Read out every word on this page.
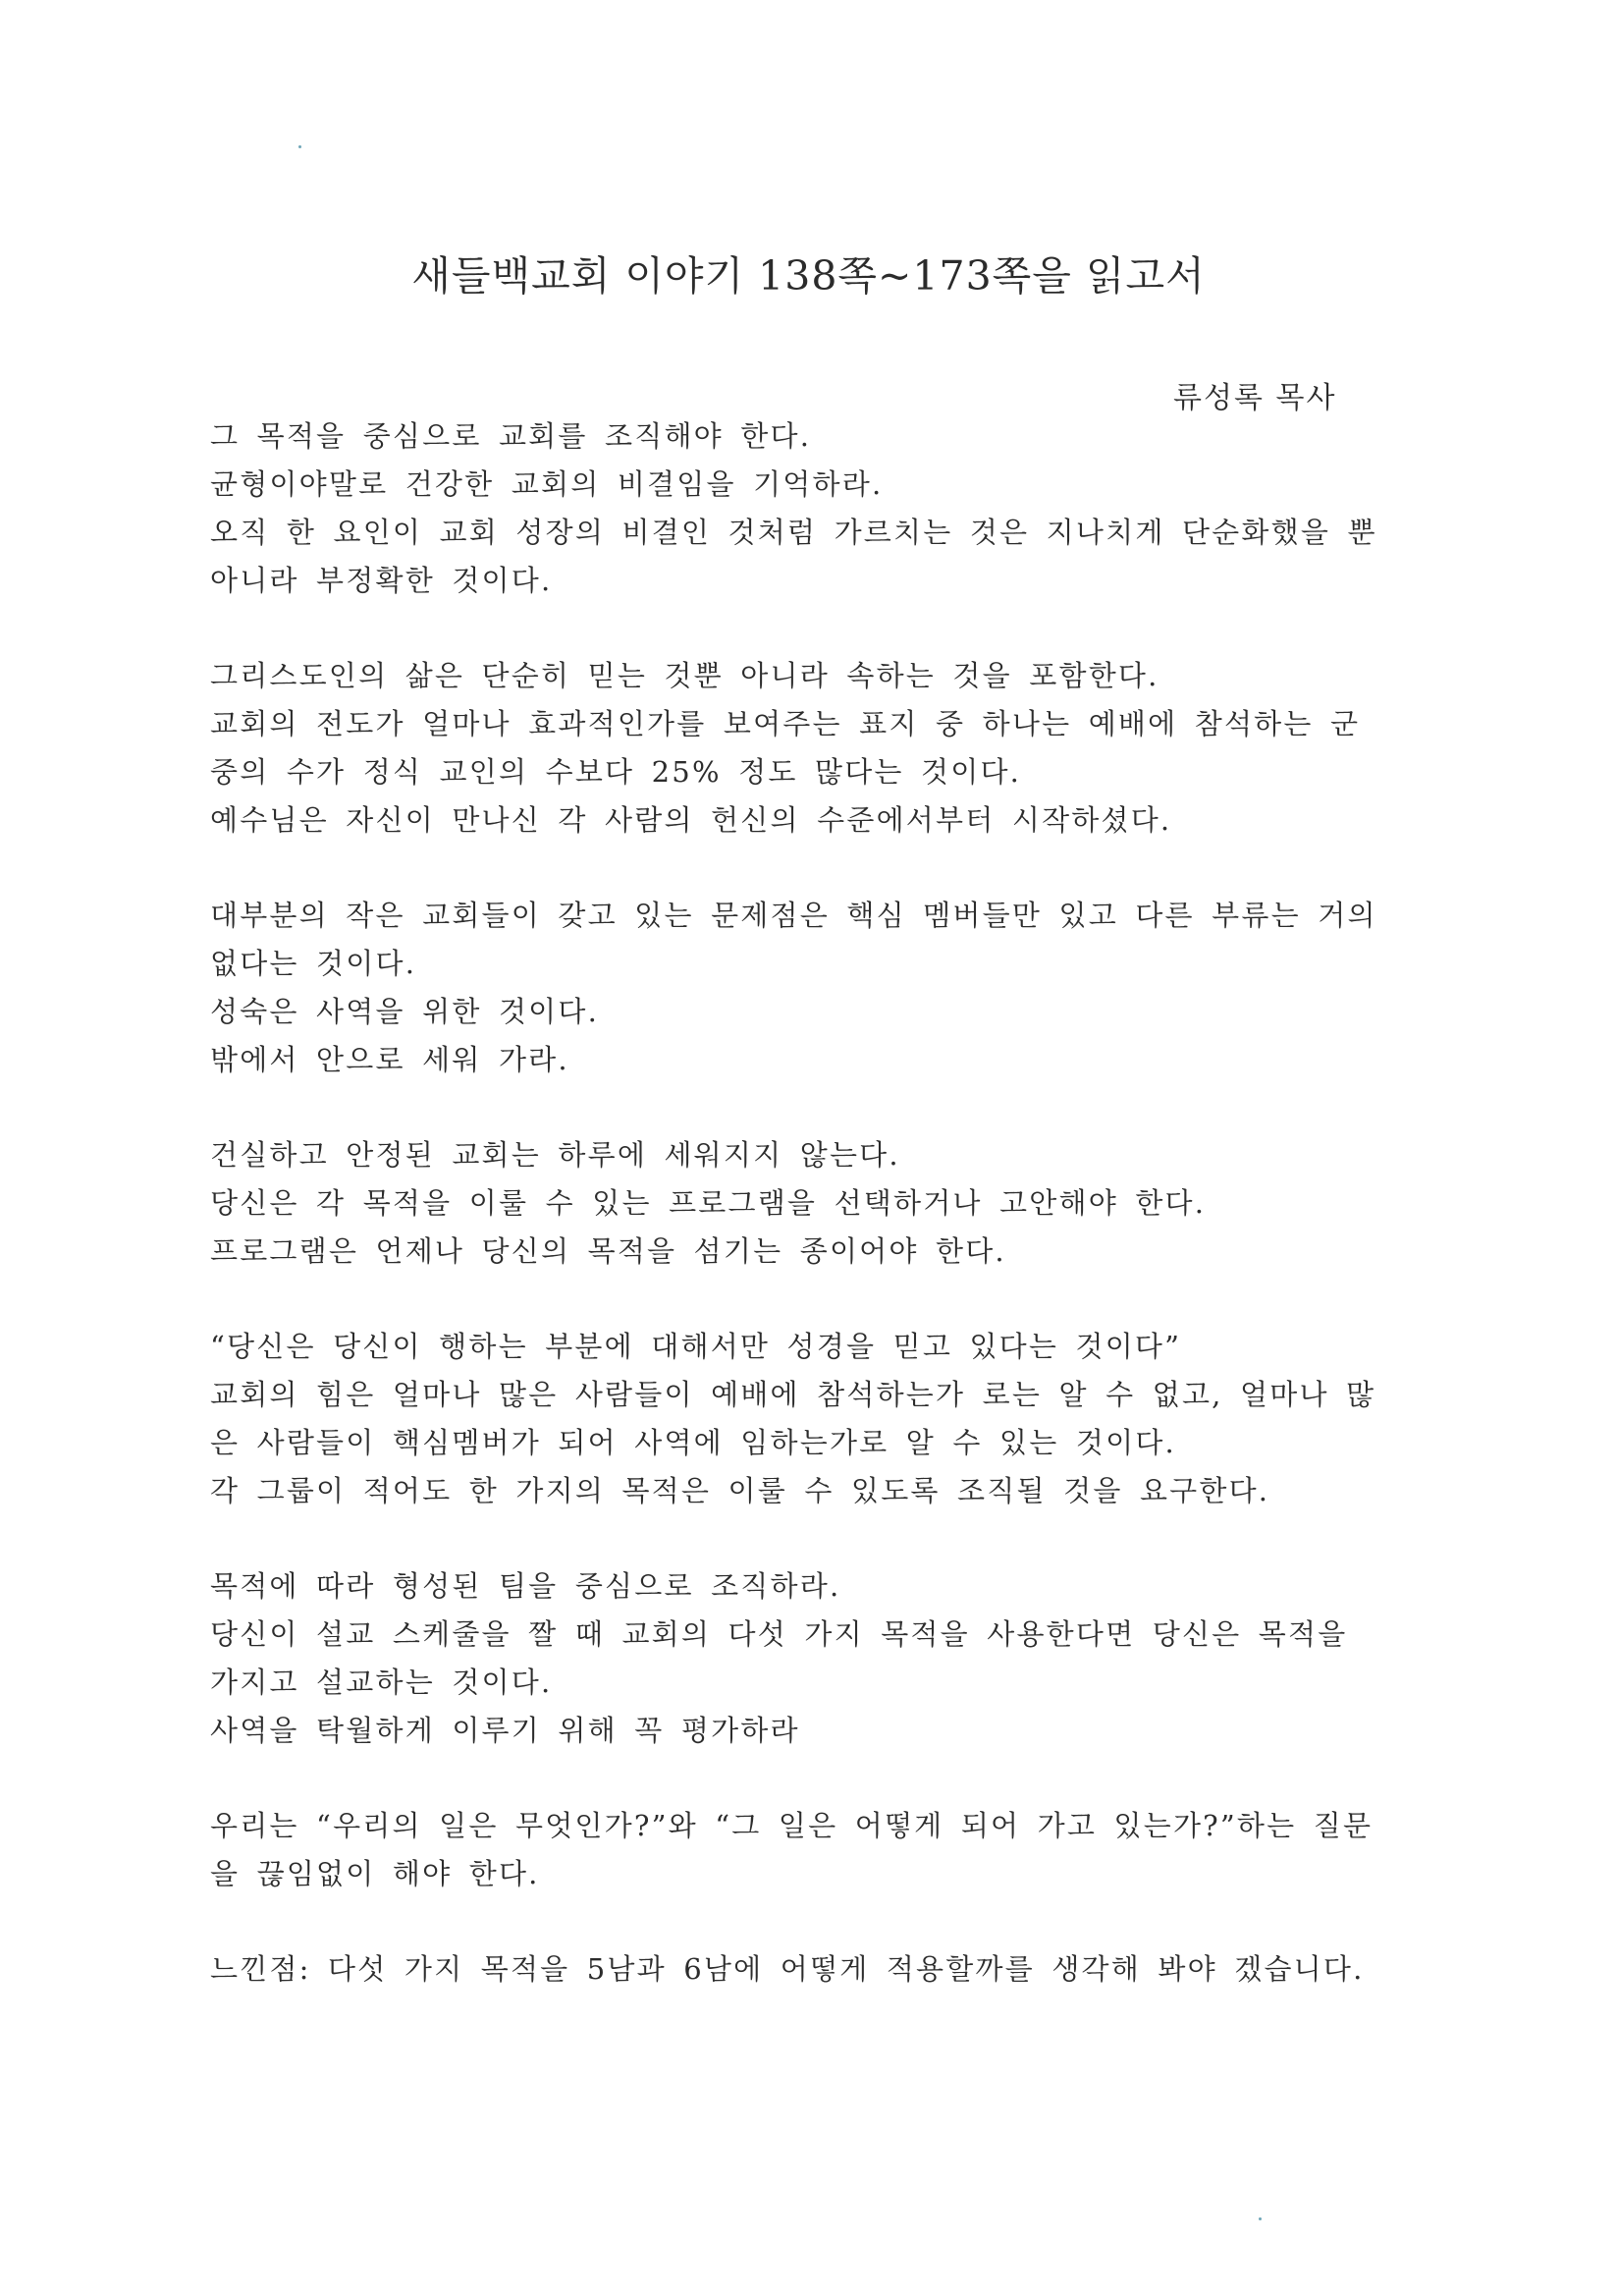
새들백교회 이야기 138쪽~173쪽을 읽고서
류성록 목사
그 목적을 중심으로 교회를 조직해야 한다.
균형이야말로 건강한 교회의 비결임을 기억하라.
오직 한 요인이 교회 성장의 비결인 것처럼 가르치는 것은 지나치게 단순화했을 뿐
아니라 부정확한 것이다.
그리스도인의 삶은 단순히 믿는 것뿐 아니라 속하는 것을 포함한다.
교회의 전도가 얼마나 효과적인가를 보여주는 표지 중 하나는 예배에 참석하는 군
중의 수가 정식 교인의 수보다 25% 정도 많다는 것이다.
예수님은 자신이 만나신 각 사람의 헌신의 수준에서부터 시작하셨다.
대부분의 작은 교회들이 갖고 있는 문제점은 핵심 멤버들만 있고 다른 부류는 거의
없다는 것이다.
성숙은 사역을 위한 것이다.
밖에서 안으로 세워 가라.
건실하고 안정된 교회는 하루에 세워지지 않는다.
당신은 각 목적을 이룰 수 있는 프로그램을 선택하거나 고안해야 한다.
프로그램은 언제나 당신의 목적을 섬기는 종이어야 한다.
“당신은 당신이 행하는 부분에 대해서만 성경을 믿고 있다는 것이다”
교회의 힘은 얼마나 많은 사람들이 예배에 참석하는가 로는 알 수 없고, 얼마나 많
은 사람들이 핵심멤버가 되어 사역에 임하는가로 알 수 있는 것이다.
각 그룹이 적어도 한 가지의 목적은 이룰 수 있도록 조직될 것을 요구한다.
목적에 따라 형성된 팀을 중심으로 조직하라.
당신이 설교 스케줄을 짤 때 교회의 다섯 가지 목적을 사용한다면 당신은 목적을
가지고 설교하는 것이다.
사역을 탁월하게 이루기 위해 꼭 평가하라
우리는 “우리의 일은 무엇인가?”와 “그 일은 어떻게 되어 가고 있는가?”하는 질문
을 끊임없이 해야 한다.
느낀점: 다섯 가지 목적을 5남과 6남에 어떻게 적용할까를 생각해 봐야 겠습니다.
